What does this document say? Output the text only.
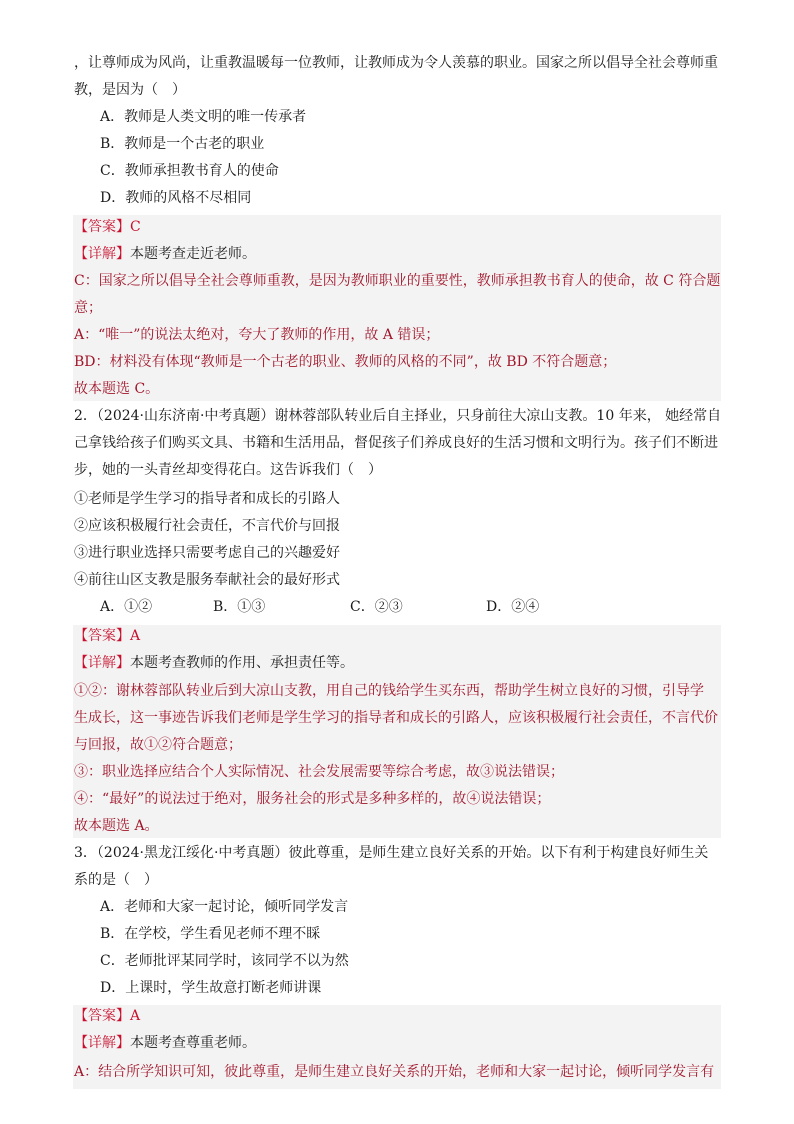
，让尊师成为风尚，让重教温暖每一位教师，让教师成为令人羡慕的职业。国家之所以倡导全社会尊师重
教，是因为（　）
A．教师是人类文明的唯一传承者
B．教师是一个古老的职业
C．教师承担教书育人的使命
D．教师的风格不尽相同
【答案】C
【详解】 本题考查走近老师。
C：国家之所以倡导全社会尊师重教，是因为教师职业的重要性，教师承担教书育人的使命，故 C 符合题
意；
A：“唯一”的说法太绝对，夸大了教师的作用，故 A 错误；
BD：材料没有体现“教师是一个古老的职业、教师的风格的不同”，故 BD 不符合题意；
故本题选 C。
2．（2024·山东济南·中考真题）谢林蓉部队转业后自主择业，只身前往大凉山支教。10 年来， 她经常自
己拿钱给孩子们购买文具、书籍和生活用品，督促孩子们养成良好的生活习惯和文明行为。孩子们不断进
步，她的一头青丝却变得花白。这告诉我们（　）
①老师是学生学习的指导者和成长的引路人
②应该积极履行社会责任，不言代价与回报
③进行职业选择只需要考虑自己的兴趣爱好
④前往山区支教是服务奉献社会的最好形式
A．①②	B．①③	C．②③	D．②④
【答案】A
【详解】 本题考查教师的作用、承担责任等。
①②：谢林蓉部队转业后到大凉山支教，用自己的钱给学生买东西，帮助学生树立良好的习惯，引导学
生成长，这一事迹告诉我们老师是学生学习的指导者和成长的引路人，应该积极履行社会责任，不言代价
与回报，故①②符合题意；
③：职业选择应结合个人实际情况、社会发展需要等综合考虑，故③说法错误；
④：“最好”的说法过于绝对，服务社会的形式是多种多样的，故④说法错误；
故本题选 A。
3．（2024·黑龙江绥化·中考真题）彼此尊重，是师生建立良好关系的开始。以下有利于构建良好师生关
系的是（　）
A．老师和大家一起讨论，倾听同学发言
B．在学校，学生看见老师不理不睬
C．老师批评某同学时，该同学不以为然
D．上课时，学生故意打断老师讲课
【答案】A
【详解】 本题考查尊重老师。
A：结合所学知识可知，彼此尊重，是师生建立良好关系的开始，老师和大家一起讨论，倾听同学发言有
